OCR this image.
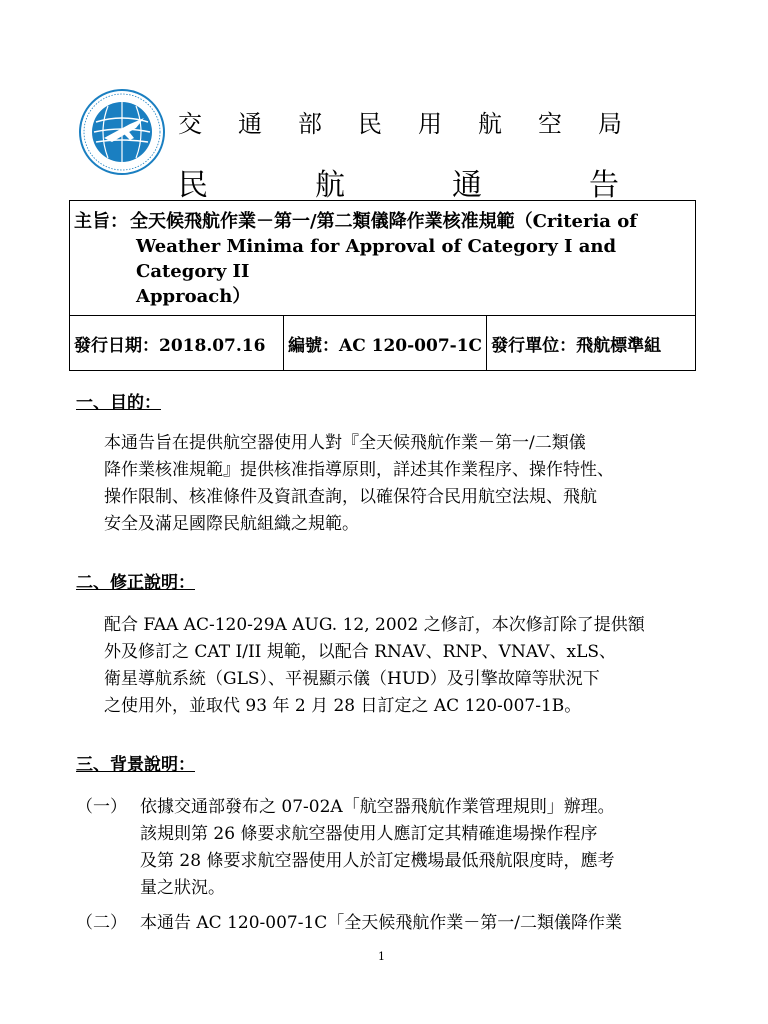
交 通 部 民 用 航 空 局
民	航	通	告
主旨： 全天候飛航作業－第一/第二類儀降作業核准規範（Criteria of
Weather Minima for Approval of Category I and Category II
Approach）

發行日期：2018.07.16	編號：AC 120-007-1C	發行單位：飛航標準組
一、目的：
本通告旨在提供航空器使用人對『全天候飛航作業－第一/二類儀
降作業核准規範』提供核准指導原則，詳述其作業程序、操作特性、
操作限制、核准條件及資訊查詢，以確保符合民用航空法規、飛航
安全及滿足國際民航組織之規範。
二、修正說明：
配合 FAA AC-120-29A AUG. 12, 2002 之修訂，本次修訂除了提供額
外及修訂之 CAT I/II 規範，以配合 RNAV、RNP、VNAV、xLS、
衛星導航系統（GLS）、平視顯示儀（HUD）及引擎故障等狀況下
之使用外，並取代 93 年 2 月 28 日訂定之 AC 120-007-1B。
三、背景說明：
（一） 依據交通部發布之 07-02A「航空器飛航作業管理規則」辦理。
該規則第 26 條要求航空器使用人應訂定其精確進場操作程序
及第 28 條要求航空器使用人於訂定機場最低飛航限度時，應考
量之狀況。
（二） 本通告 AC 120-007-1C「全天候飛航作業－第一/二類儀降作業
1
